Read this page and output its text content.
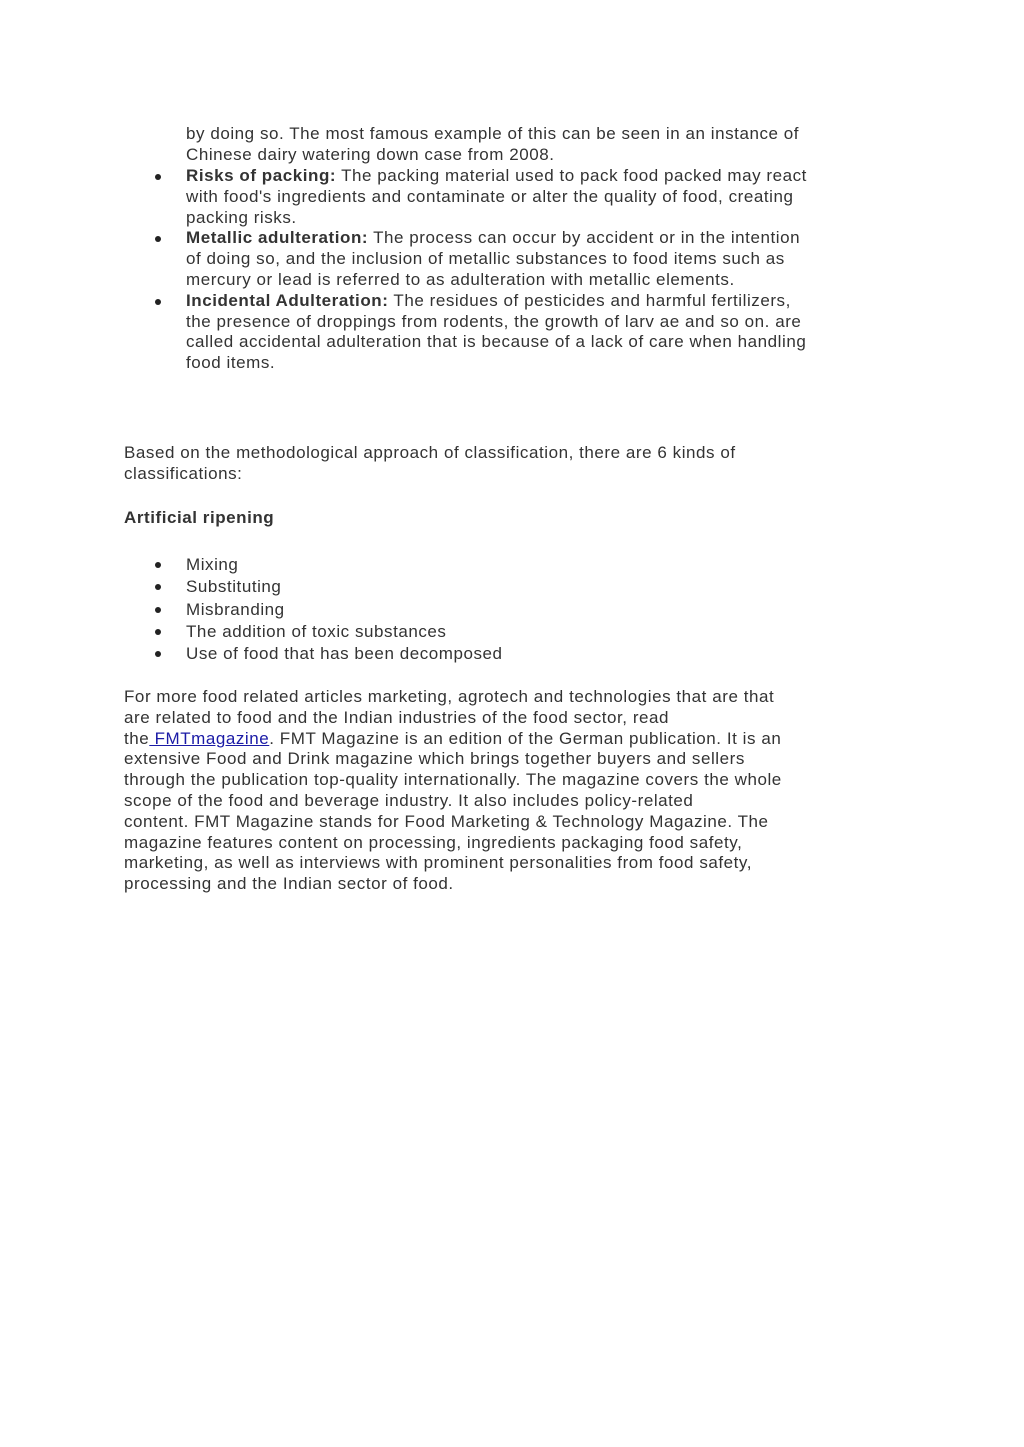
by doing so. The most famous example of this can be seen in an instance of
Chinese dairy watering down case from 2008.
Risks of packing: The packing material used to pack food packed may react
with food's ingredients and contaminate or alter the quality of food, creating
packing risks.
Metallic adulteration: The process can occur by accident or in the intention
of doing so, and the inclusion of metallic substances to food items such as
mercury or lead is referred to as adulteration with metallic elements.
Incidental Adulteration: The residues of pesticides and harmful fertilizers,
the presence of droppings from rodents, the growth of larv ae and so on. are
called accidental adulteration that is because of a lack of care when handling
food items.
Based on the methodological approach of classification, there are 6 kinds of
classifications:
Artificial ripening
Mixing
Substituting
Misbranding
The addition of toxic substances
Use of food that has been decomposed
For more food related articles marketing, agrotech and technologies that are that
are related to food and the Indian industries of the food sector, read
the FMTmagazine. FMT Magazine is an edition of the German publication. It is an
extensive Food and Drink magazine which brings together buyers and sellers
through the publication top-quality internationally. The magazine covers the whole
scope of the food and beverage industry. It also includes policy-related
content. FMT Magazine stands for Food Marketing & Technology Magazine. The
magazine features content on processing, ingredients packaging food safety,
marketing, as well as interviews with prominent personalities from food safety,
processing and the Indian sector of food.
